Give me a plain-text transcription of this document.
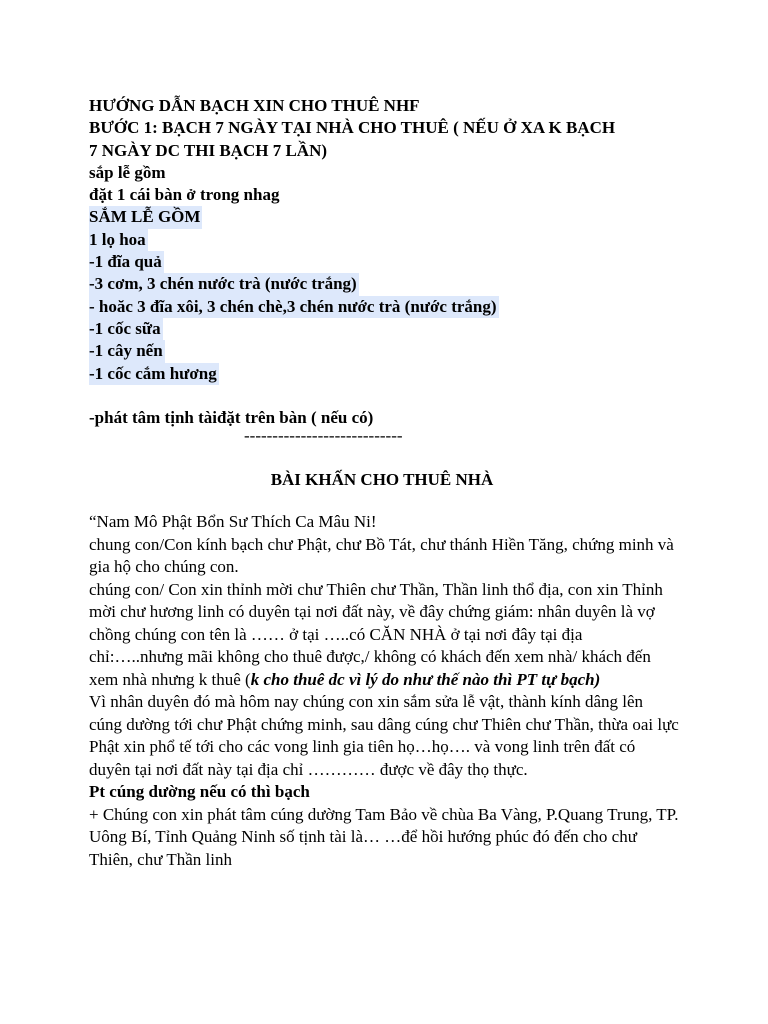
HƯỚNG DẪN BẠCH XIN CHO THUÊ NHF
BƯỚC 1: BẠCH 7 NGÀY TẠI NHÀ CHO THUÊ ( NẾU Ở XA K BẠCH
7 NGÀY DC THI BẠCH 7 LẦN)
sắp lễ gồm
đặt 1 cái bàn ở trong nhag
SẮM LỄ GỒM
1 lọ hoa
-1 đĩa quả
-3 cơm, 3 chén nước trà (nước trắng)
- hoăc 3 đĩa xôi, 3 chén chè,3 chén nước trà (nước trắng)
-1 cốc sữa
-1 cây nến
-1 cốc cắm hương
-phát tâm tịnh tàiđặt trên bàn ( nếu có)
----------------------------
BÀI KHẤN CHO THUÊ NHÀ
“Nam Mô Phật Bổn Sư Thích Ca Mâu Ni!
chung con/Con kính bạch chư Phật, chư Bồ Tát, chư thánh Hiền Tăng, chứng minh và gia hộ cho chúng con.
chúng con/ Con xin thỉnh mời chư Thiên chư Thần, Thần linh thổ địa, con xin Thỉnh mời chư hương linh có duyên tại nơi đất này, về đây chứng giám: nhân duyên là vợ chồng chúng con tên là …… ở tại …..có CĂN NHÀ ở tại nơi đây tại địa chỉ:…..nhưng mãi không cho thuê được,/ không có khách đến xem nhà/ khách đến xem nhà nhưng k thuê (k cho thuê dc vì lý do như thế nào thì PT tự bạch)
Vì nhân duyên đó mà hôm nay chúng con xin sắm sửa lễ vật, thành kính dâng lên cúng dường tới chư Phật chứng minh, sau dâng cúng chư Thiên chư Thần, thừa oai lực Phật xin phổ tế tới cho các vong linh gia tiên họ…họ…. và vong linh trên đất có duyên tại nơi đất này tại địa chỉ ………… được về đây thọ thực.
Pt cúng dường nếu có thì bạch
+ Chúng con xin phát tâm cúng dường Tam Bảo về chùa Ba Vàng, P.Quang Trung, TP. Uông Bí, Tỉnh Quảng Ninh số tịnh tài là… …để hồi hướng phúc đó đến cho chư Thiên, chư Thần linh
